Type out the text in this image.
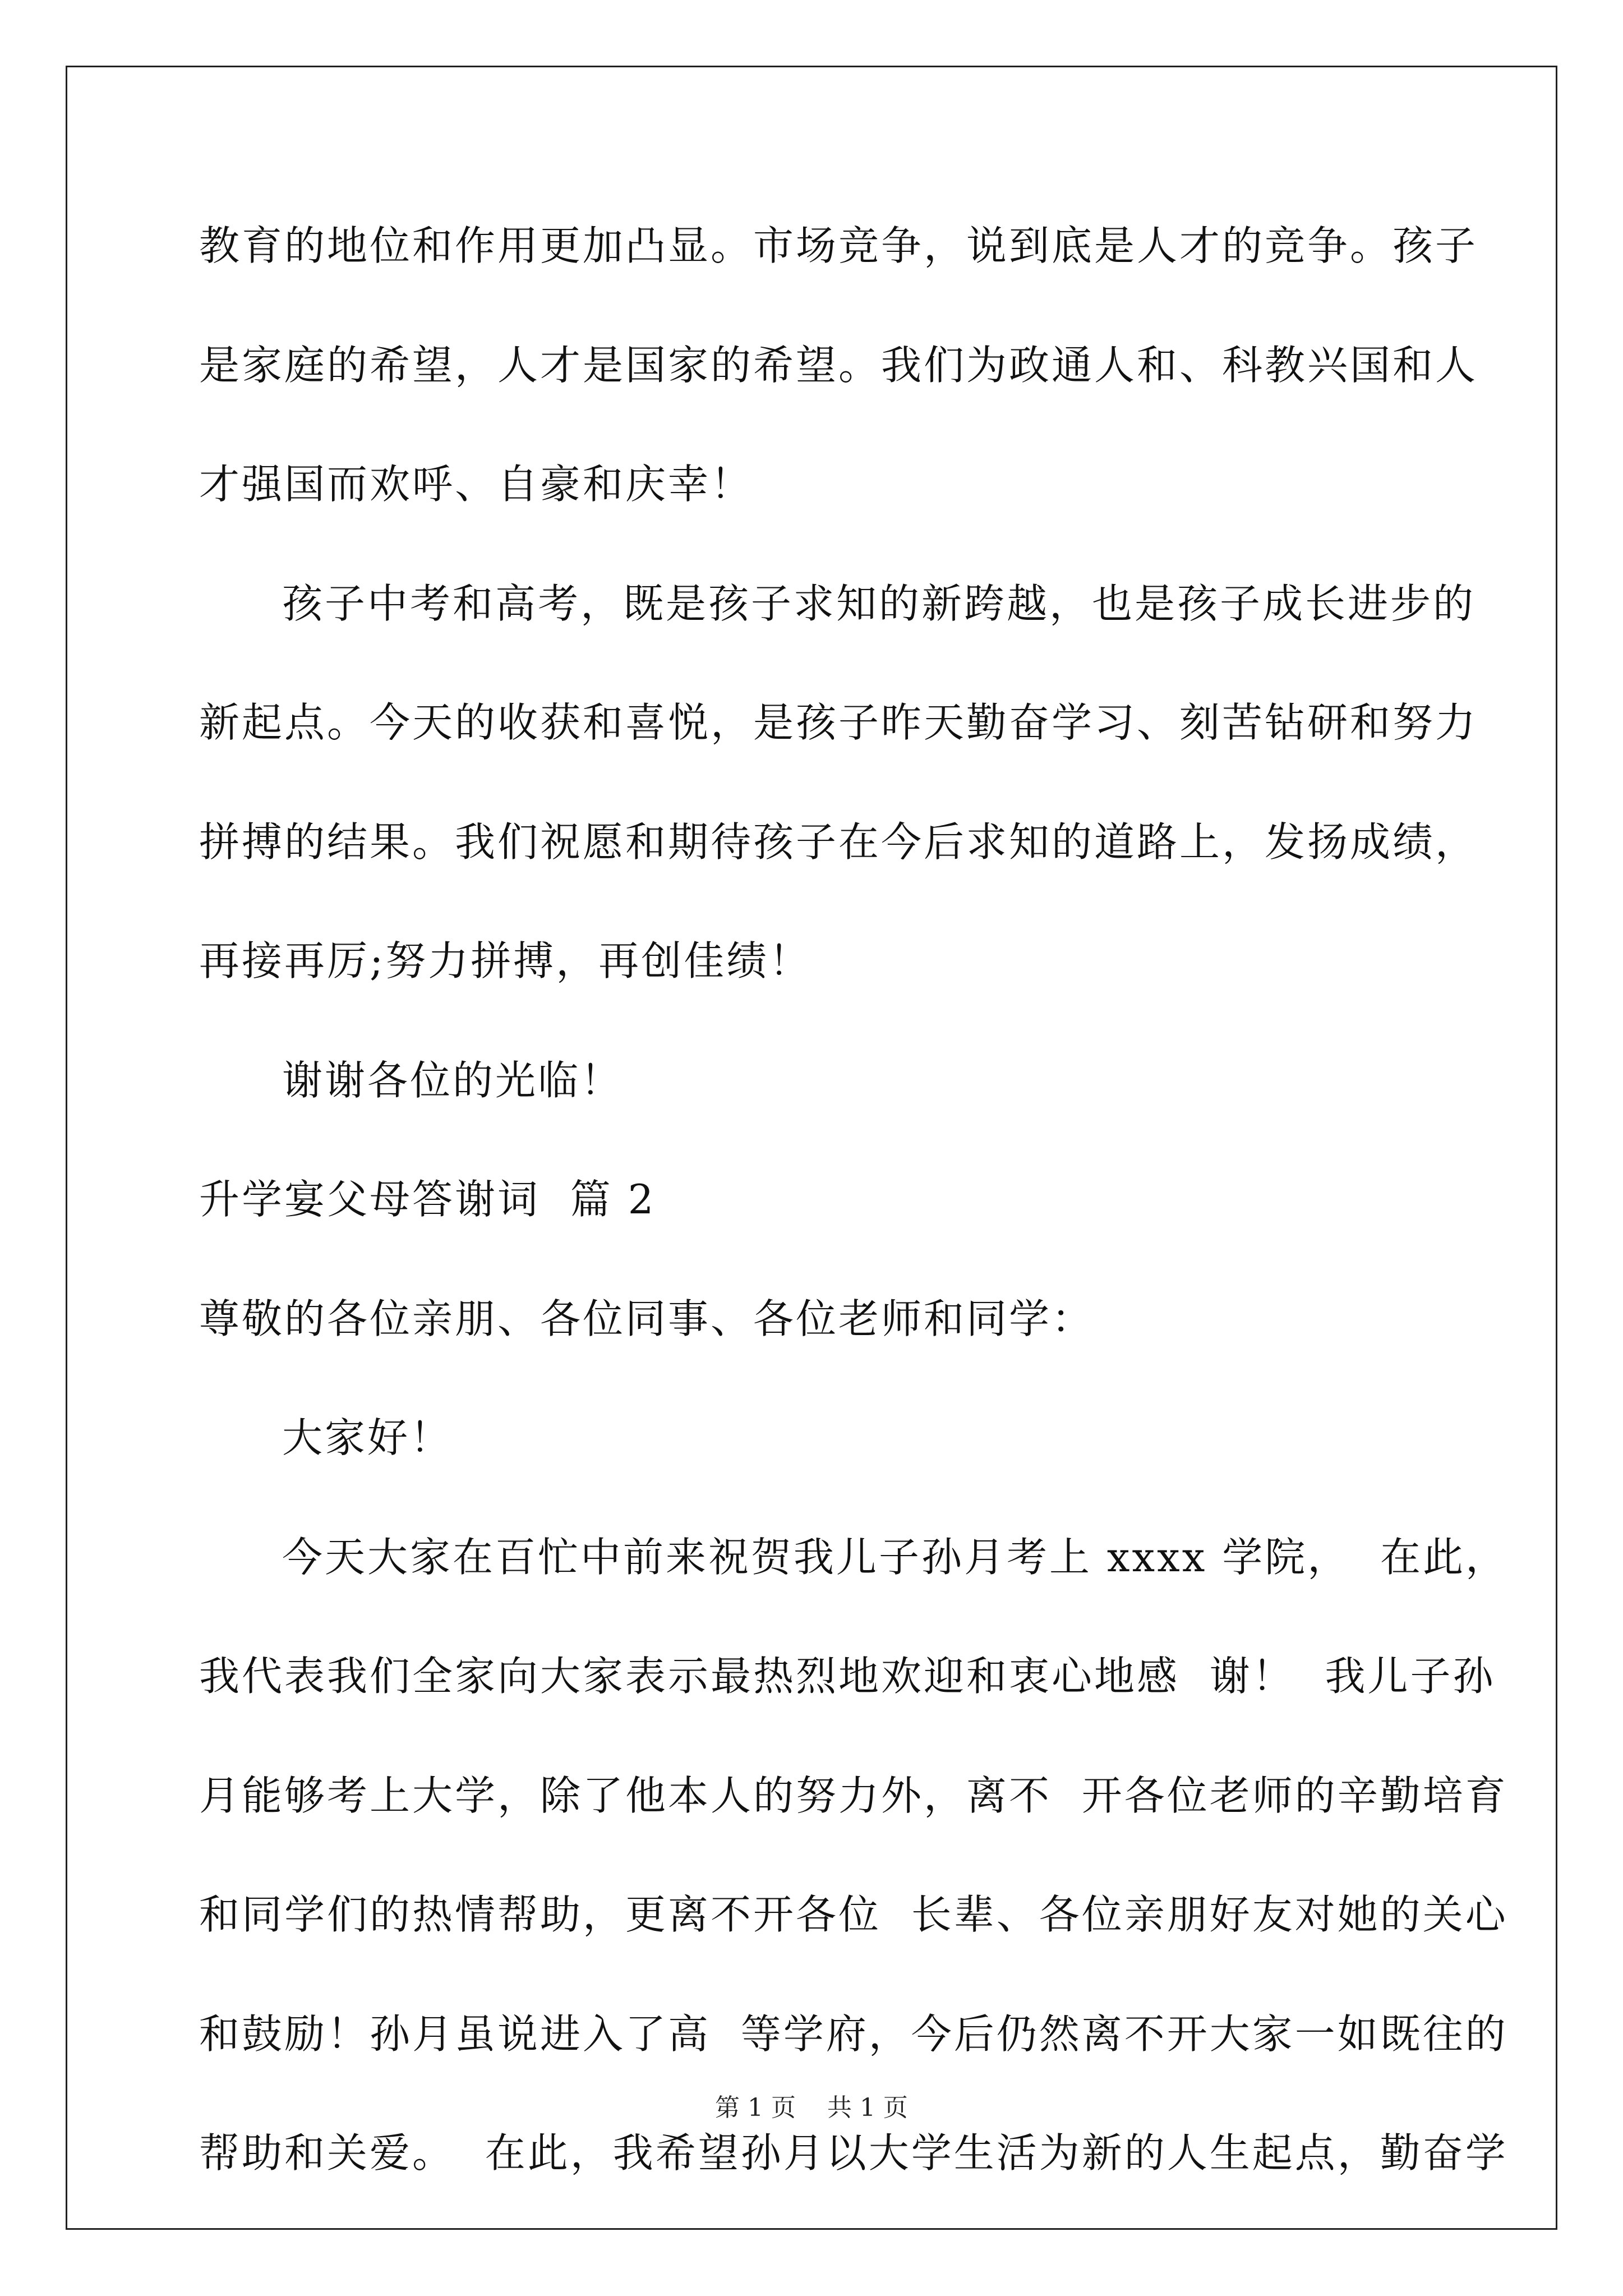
教育的地位和作用更加凸显。市场竞争，说到底是人才的竞争。孩子
是家庭的希望，人才是国家的希望。我们为政通人和、科教兴国和人
才强国而欢呼、自豪和庆幸！
孩子中考和高考，既是孩子求知的新跨越，也是孩子成长进步的
新起点。今天的收获和喜悦，是孩子昨天勤奋学习、刻苦钻研和努力
拼搏的结果。我们祝愿和期待孩子在今后求知的道路上，发扬成绩，
再接再厉;努力拼搏，再创佳绩！
谢谢各位的光临！
升学宴父母答谢词  篇 2
尊敬的各位亲朋、各位同事、各位老师和同学：
大家好！
今天大家在百忙中前来祝贺我儿子孙月考上 xxxx 学院，  在此，
我代表我们全家向大家表示最热烈地欢迎和衷心地感  谢！  我儿子孙
月能够考上大学，除了他本人的努力外，离不  开各位老师的辛勤培育
和同学们的热情帮助，更离不开各位  长辈、各位亲朋好友对她的关心
和鼓励！孙月虽说进入了高  等学府，今后仍然离不开大家一如既往的
帮助和关爱。  在此，我希望孙月以大学生活为新的人生起点，勤奋学
第 1 页    共 1 页
